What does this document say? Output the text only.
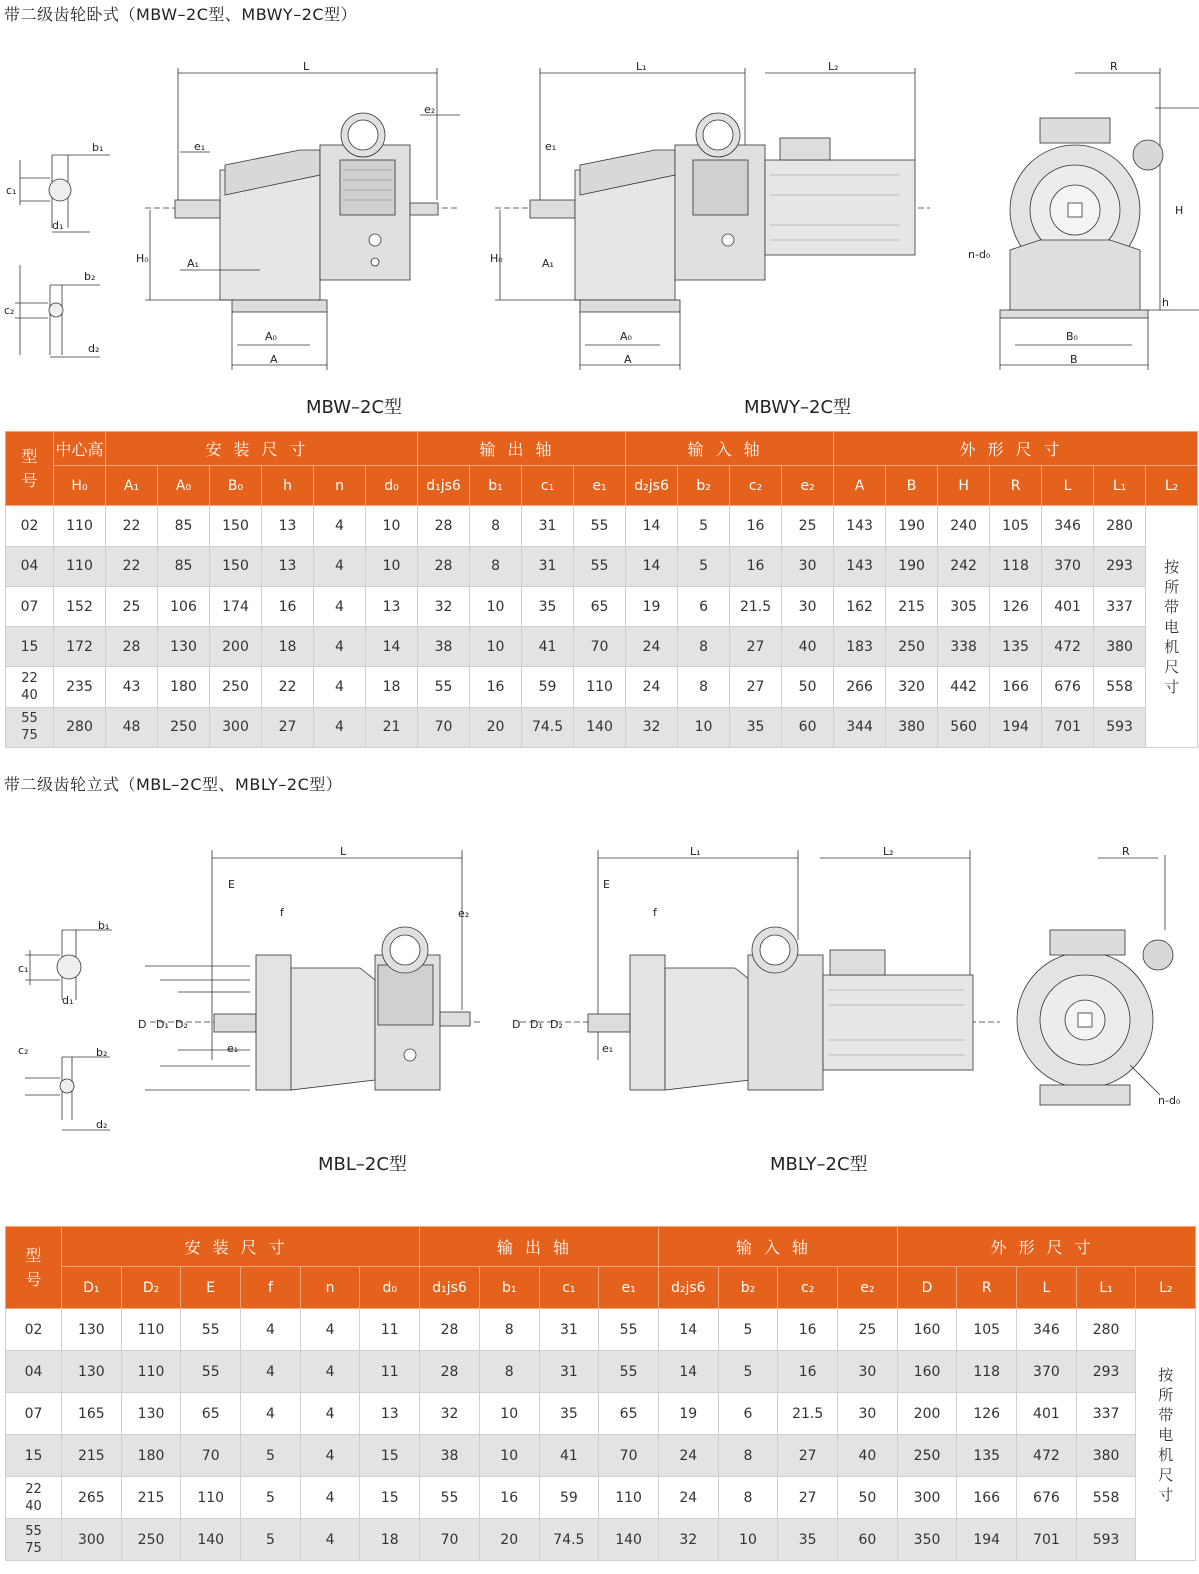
带二级齿轮卧式（MBW–2C型、MBWY–2C型）
b₁
c₁
d₁
b₂
c₂
d₂
L
e₁
e₂
H₀	A₁
A₀
A
L₁	L₂
e₁
H₀	A₁
A₀
A
R
H
n-d₀
B₀
B
h
MBW–2C型	MBWY–2C型
型号	中心高	安装尺寸						输出轴				输入轴				外形尺寸						
	H₀	A₁	A₀	B₀	h	n	d₀	d₁js6	b₁	c₁	e₁	d₂js6	b₂	c₂	e₂	A	B	H	R	L	L₁	L₂
02	110	22	85	150	13	4	10	28	8	31	55	14	5	16	25	143	190	240	105	346	280	按所带电机尺寸
04	110	22	85	150	13	4	10	28	8	31	55	14	5	16	30	143	190	242	118	370	293	
07	152	25	106	174	16	4	13	32	10	35	65	19	6	21.5	30	162	215	305	126	401	337	
15	172	28	130	200	18	4	14	38	10	41	70	24	8	27	40	183	250	338	135	472	380	
22
40	235	43	180	250	22	4	18	55	16	59	110	24	8	27	50	266	320	442	166	676	558	
55
75	280	48	250	300	27	4	21	70	20	74.5	140	32	10	35	60	344	380	560	194	701	593	
带二级齿轮立式（MBL–2C型、MBLY–2C型）
b₁
c₁
d₁
b₂
c₂
d₂
L
E
f	e₂
e₁
D D₁ D₂
L₁	L₂
E
f
e₁
D D₁ D₂
R
n-d₀
MBL–2C型	MBLY–2C型
型号	安装尺寸						输出轴				输入轴				外形尺寸				
	D₁	D₂	E	f	n	d₀	d₁js6	b₁	c₁	e₁	d₂js6	b₂	c₂	e₂	D	R	L	L₁	L₂
02	130	110	55	4	4	11	28	8	31	55	14	5	16	25	160	105	346	280	按所带电机尺寸
04	130	110	55	4	4	11	28	8	31	55	14	5	16	30	160	118	370	293	
07	165	130	65	4	4	13	32	10	35	65	19	6	21.5	30	200	126	401	337	
15	215	180	70	5	4	15	38	10	41	70	24	8	27	40	250	135	472	380	
22
40	265	215	110	5	4	15	55	16	59	110	24	8	27	50	300	166	676	558	
55
75	300	250	140	5	4	18	70	20	74.5	140	32	10	35	60	350	194	701	593	
